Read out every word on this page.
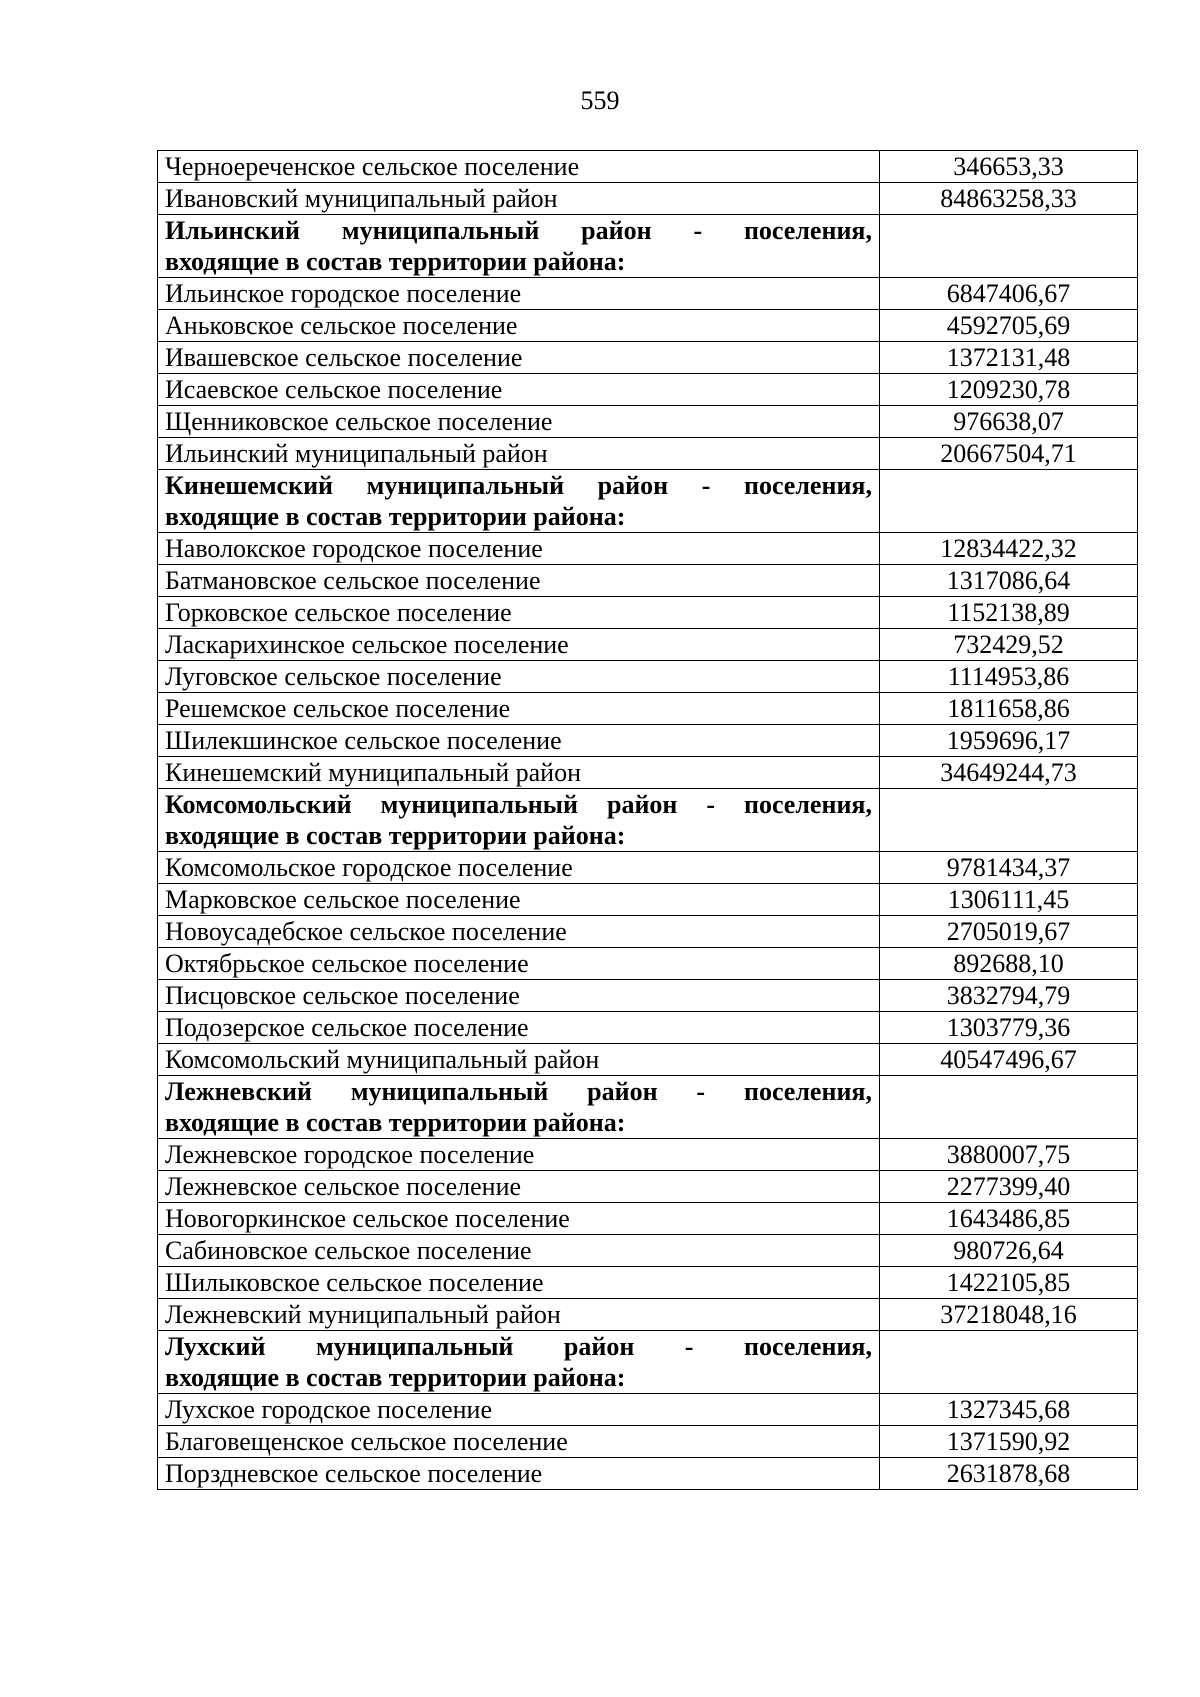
559
Черноереченское сельское поселение	346653,33
Ивановский муниципальный район	84863258,33

Ильинский муниципальный район - поселения,
входящие в состав территории района:	

Ильинское городское поселение	6847406,67
Аньковское сельское поселение	4592705,69
Ивашевское сельское поселение	1372131,48
Исаевское сельское поселение	1209230,78
Щенниковское сельское поселение	976638,07
Ильинский муниципальный район	20667504,71

Кинешемский муниципальный район - поселения,
входящие в состав территории района:	

Наволокское городское поселение	12834422,32
Батмановское сельское поселение	1317086,64
Горковское сельское поселение	1152138,89
Ласкарихинское сельское поселение	732429,52
Луговское сельское поселение	1114953,86
Решемское сельское поселение	1811658,86
Шилекшинское сельское поселение	1959696,17
Кинешемский муниципальный район	34649244,73

Комсомольский муниципальный район - поселения,
входящие в состав территории района:	

Комсомольское городское поселение	9781434,37
Марковское сельское поселение	1306111,45
Новоусадебское сельское поселение	2705019,67
Октябрьское сельское поселение	892688,10
Писцовское сельское поселение	3832794,79
Подозерское сельское поселение	1303779,36
Комсомольский муниципальный район	40547496,67

Лежневский муниципальный район - поселения,
входящие в состав территории района:	

Лежневское городское поселение	3880007,75
Лежневское сельское поселение	2277399,40
Новогоркинское сельское поселение	1643486,85
Сабиновское сельское поселение	980726,64
Шилыковское сельское поселение	1422105,85
Лежневский муниципальный район	37218048,16

Лухский муниципальный район - поселения,
входящие в состав территории района:	

Лухское городское поселение	1327345,68
Благовещенское сельское поселение	1371590,92
Порздневское сельское поселение	2631878,68
